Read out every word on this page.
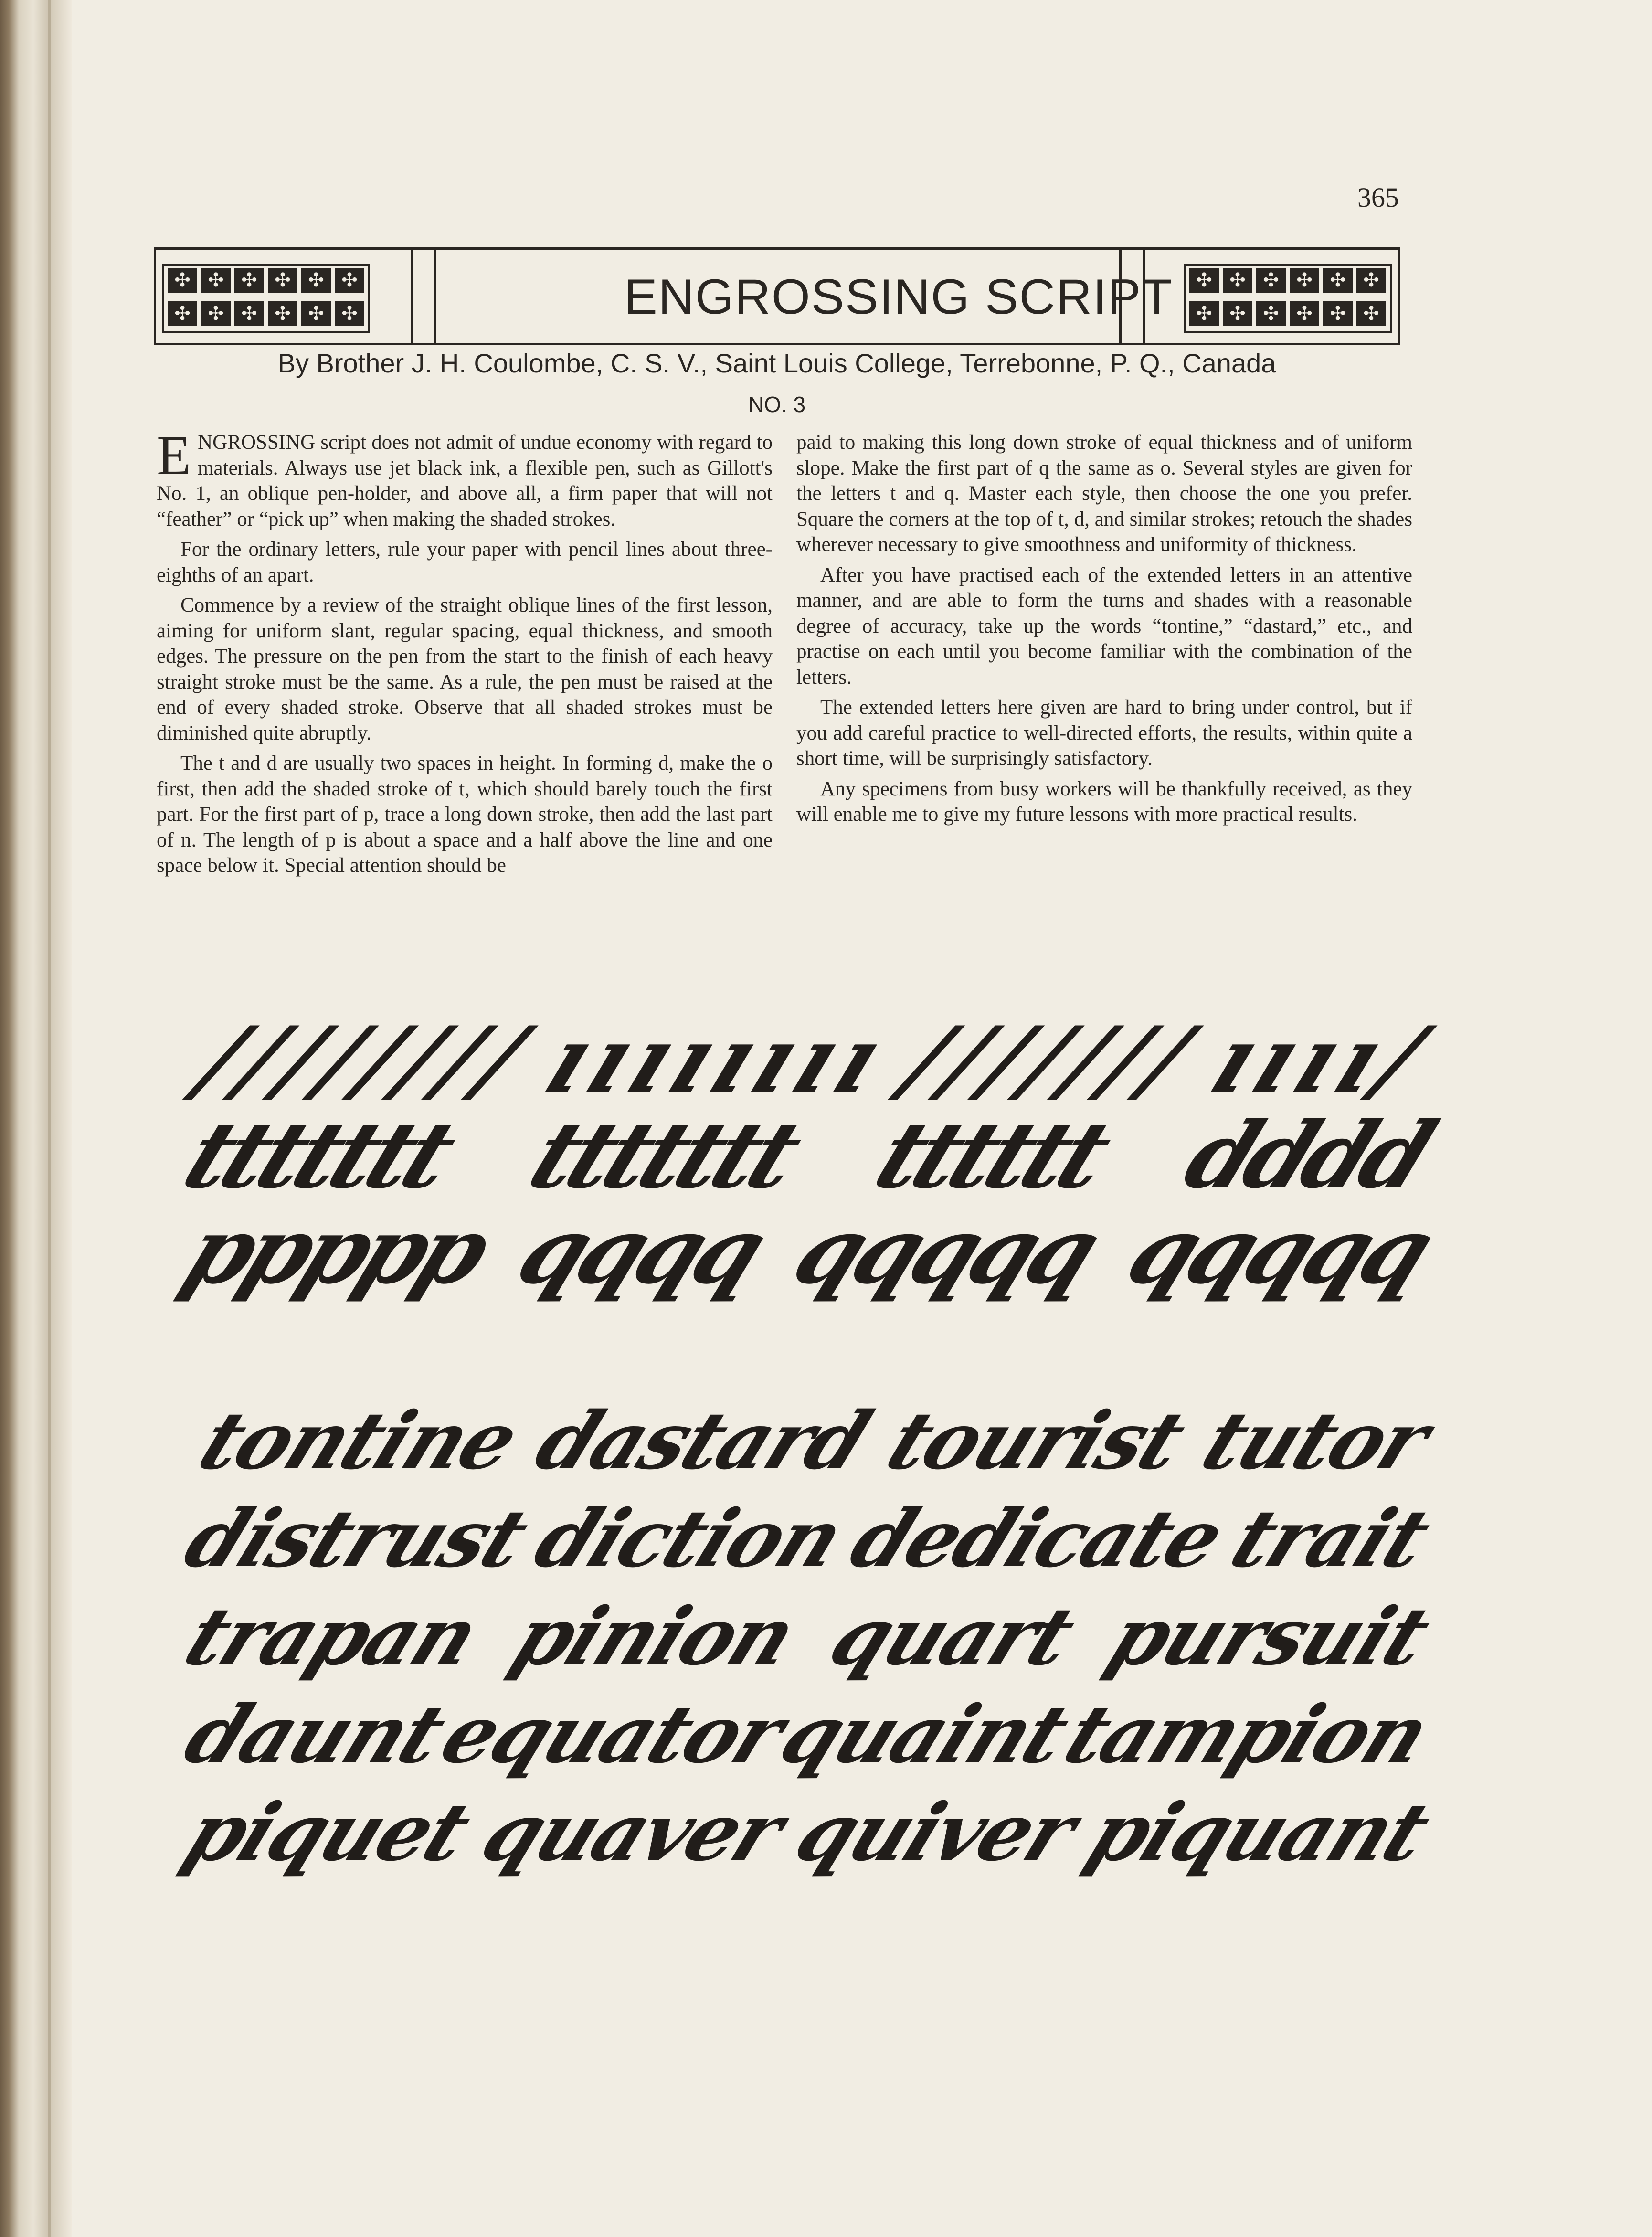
365
✣
✣
✣
✣
✣
✣
✣
✣
✣
✣
✣
✣
ENGROSSING SCRIPT
✣
✣
✣
✣
✣
✣
✣
✣
✣
✣
✣
✣
By Brother J. H. Coulombe, C. S. V., Saint Louis College, Terrebonne, P. Q., Canada
NO. 3

ENGROSSING script does not admit of undue economy with regard to materials. Always use jet black ink, a flexible pen, such as Gillott's No. 1, an oblique pen-holder, and above all, a firm paper that will not “feather” or “pick up” when making the shaded strokes.

For the ordinary letters, rule your paper with pencil lines about three-eighths of an apart.

Commence by a review of the straight oblique lines of the first lesson, aiming for uniform slant, regular spacing, equal thickness, and smooth edges. The pressure on the pen from the start to the finish of each heavy straight stroke must be the same. As a rule, the pen must be raised at the end of every shaded stroke. Observe that all shaded strokes must be diminished quite abruptly.

The t and d are usually two spaces in height. In forming d, make the o first, then add the shaded stroke of t, which should barely touch the first part. For the first part of p, trace a long down stroke, then add the last part of n. The length of p is about a space and a half above the line and one space below it. Special attention should be

paid to making this long down stroke of equal thickness and of uniform slope. Make the first part of q the same as o. Several styles are given for the letters t and q. Master each style, then choose the one you prefer. Square the corners at the top of t, d, and similar strokes; retouch the shades wherever necessary to give smoothness and uniformity of thickness.

After you have practised each of the extended letters in an attentive manner, and are able to form the turns and shades with a reasonable degree of accuracy, take up the words “tontine,” “dastard,” etc., and practise on each until you become familiar with the combination of the letters.

The extended letters here given are hard to bring under control, but if you add careful practice to well-directed efforts, the results, within quite a short time, will be surprisingly satisfactory.

Any specimens from busy workers will be thankfully received, as they will enable me to give my future lessons with more practical results.

////////
ıııııııı
///////
ıııı/
ttttttt ttttttt tttttt dddd
ppppp qqqq qqqqq qqqqq
tontine
dastard
tourist
tutor
distrust
diction
dedicate
trait
trapan pinion quart pursuit
daunt
equator
quaint
tampion
piquet
quaver
quiver
piquant
